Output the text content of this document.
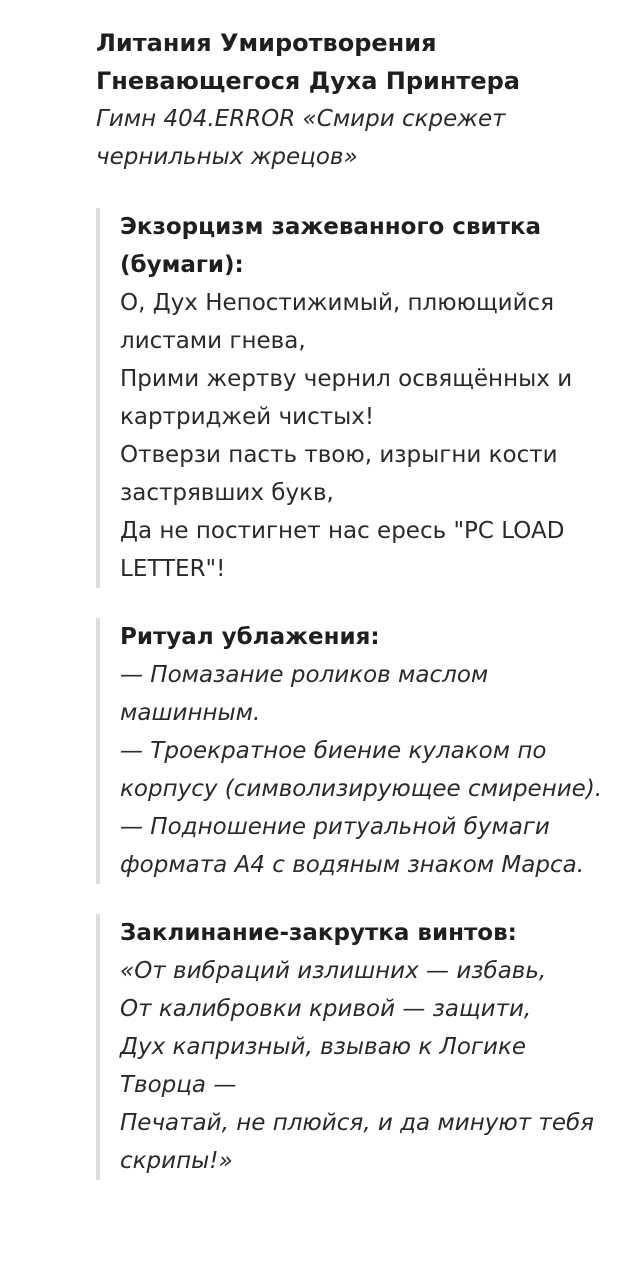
Литания Умиротворения Гневающегося Духа Принтера
Гимн 404.ERROR «Смири скрежет чернильных жрецов»
Экзорцизм зажеванного свитка (бумаги):
О, Дух Непостижимый, плюющийся листами гнева,
Прими жертву чернил освящённых и картриджей чистых!
Отверзи пасть твою, изрыгни кости застрявших букв,
Да не постигнет нас ересь "PC LOAD LETTER"!
Ритуал ублажения:
— Помазание роликов маслом машинным.
— Троекратное биение кулаком по корпусу (символизирующее смирение).
— Подношение ритуальной бумаги формата А4 с водяным знаком Марса.
Заклинание-закрутка винтов:
«От вибраций излишних — избавь,
От калибровки кривой — защити,
Дух капризный, взываю к Логике Творца —
Печатай, не плюйся, и да минуют тебя скрипы!»
